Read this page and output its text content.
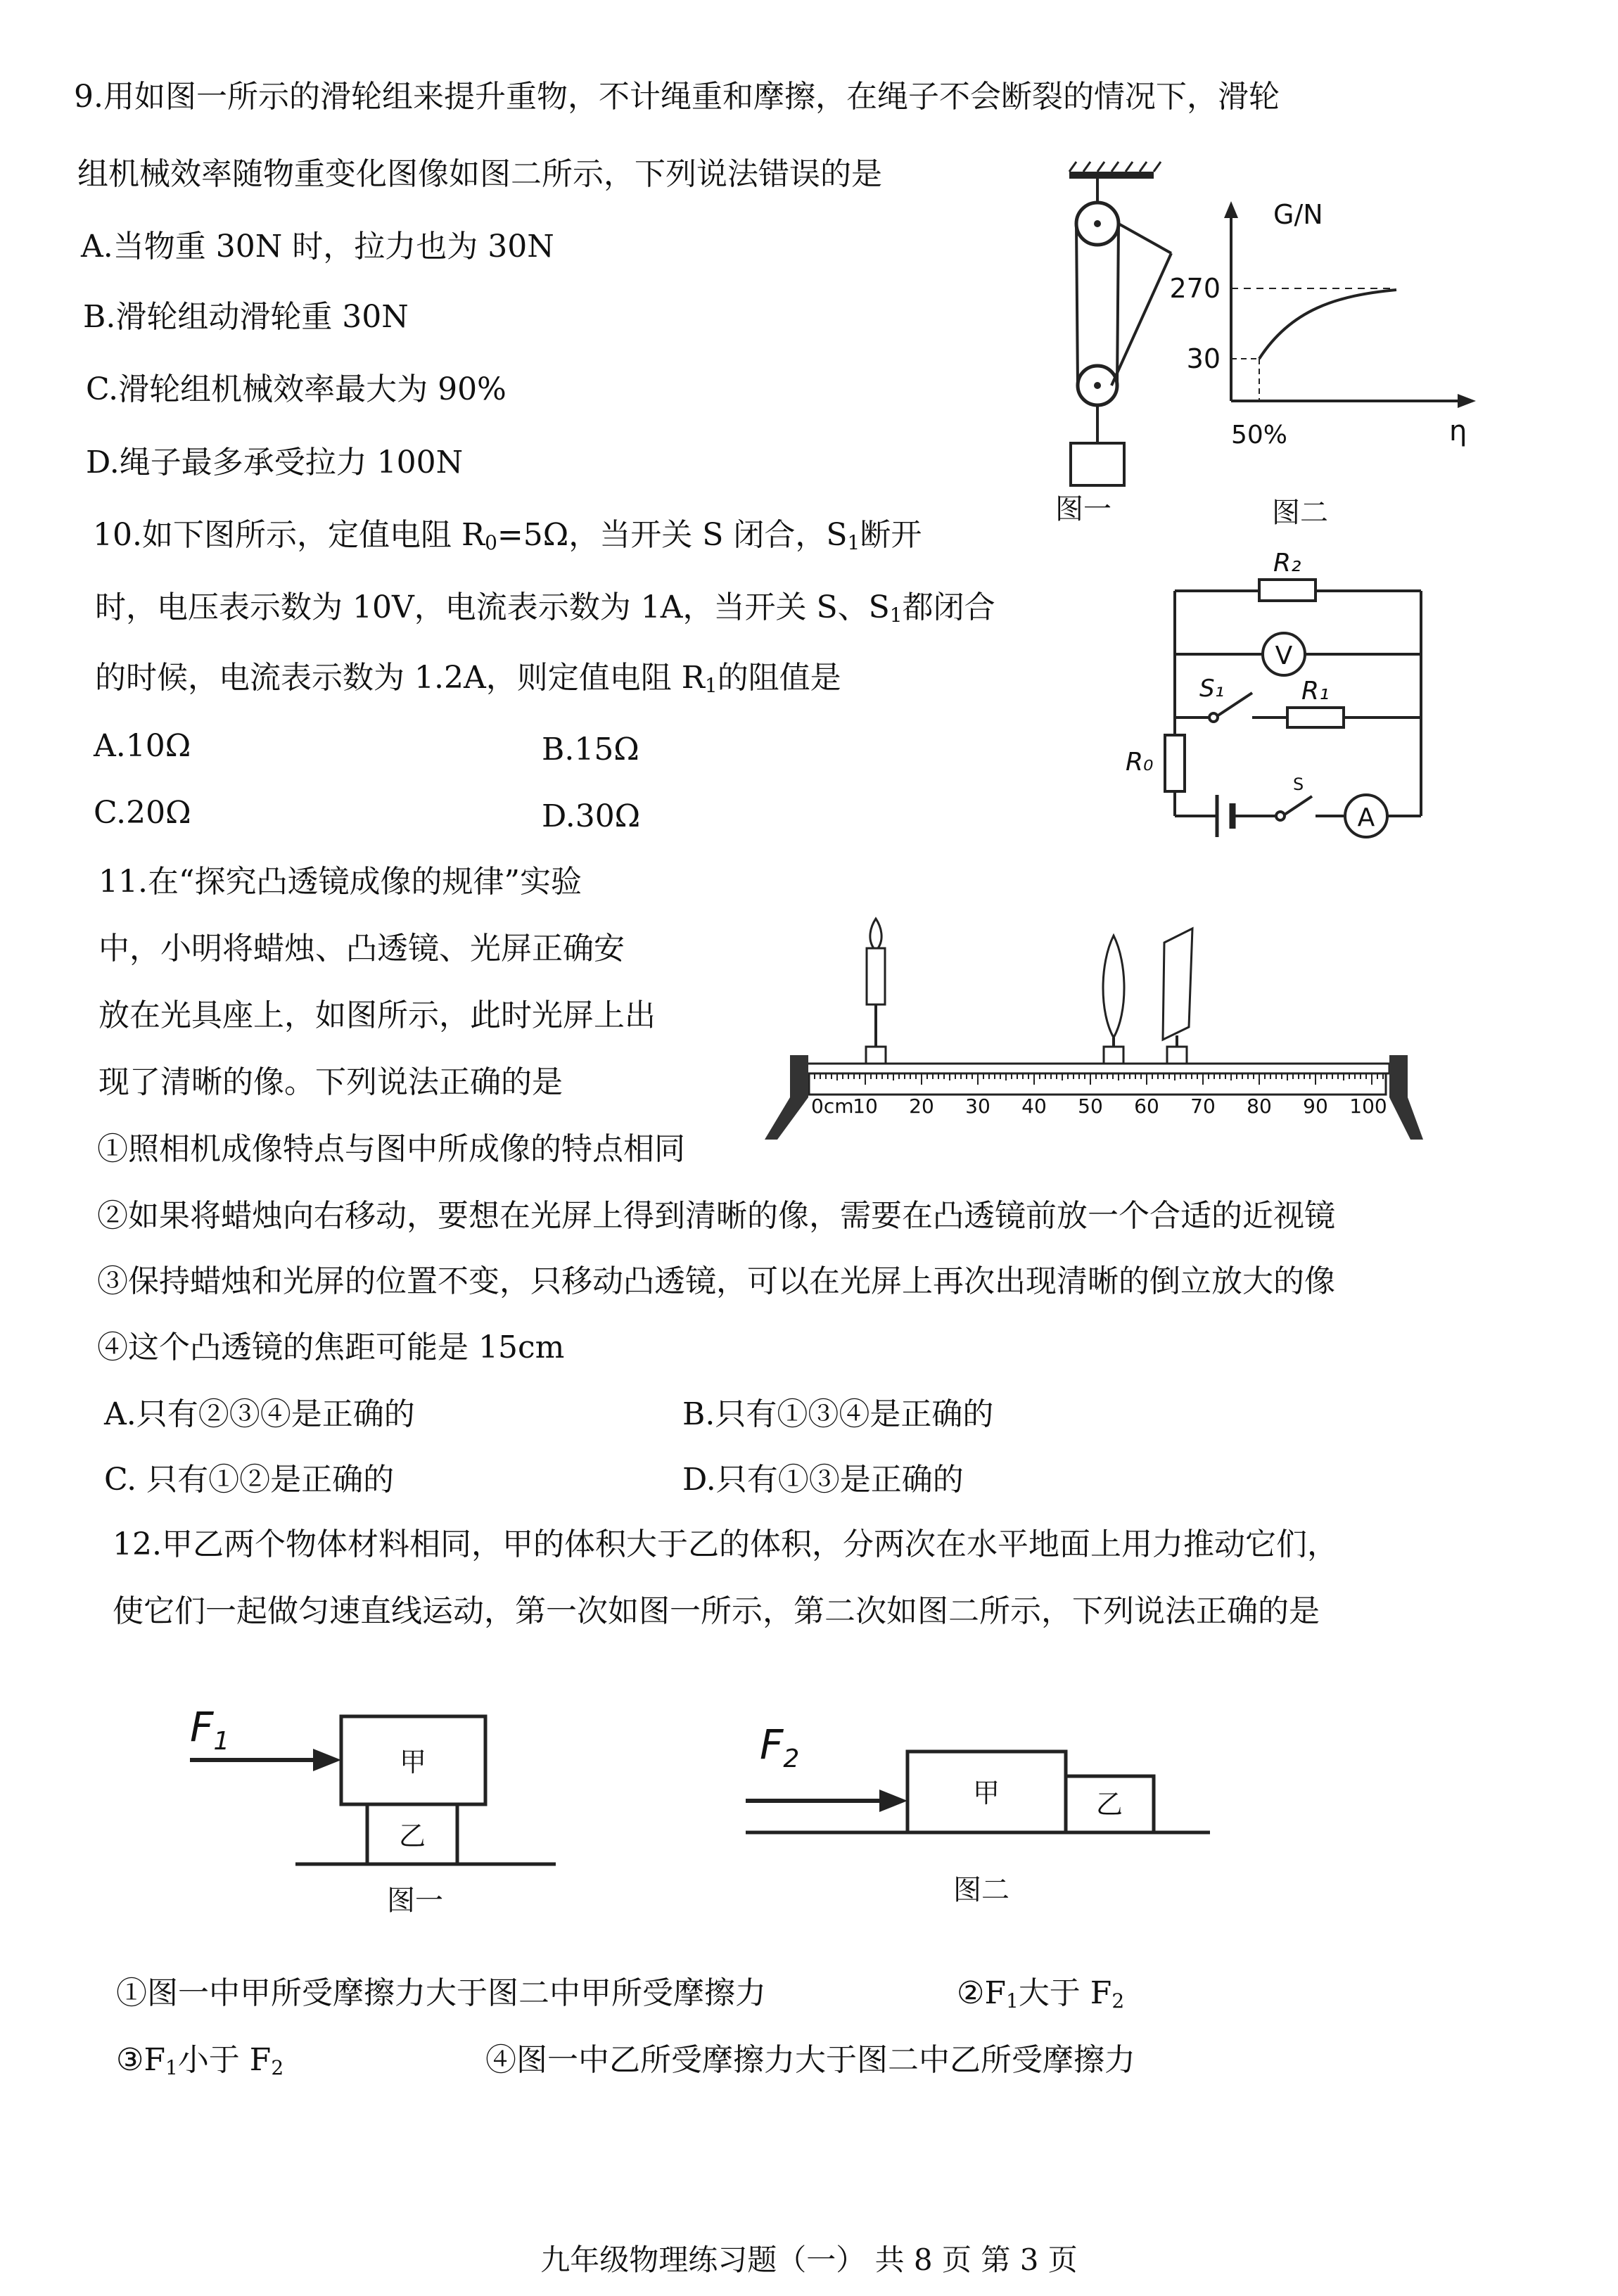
9.用如图一所示的滑轮组来提升重物，不计绳重和摩擦，在绳子不会断裂的情况下，滑轮
组机械效率随物重变化图像如图二所示，下列说法错误的是
A.当物重 30N 时，拉力也为 30N
B.滑轮组动滑轮重 30N
C.滑轮组机械效率最大为 90%
D.绳子最多承受拉力 100N
图一
G/N
η
270
30
50%
图二
10.如下图所示，定值电阻 R0=5Ω，当开关 S 闭合，S1断开
时，电压表示数为 10V，电流表示数为 1A，当开关 S、S1都闭合
的时候，电流表示数为 1.2A，则定值电阻 R1的阻值是
A.10Ω	B.15Ω
C.20Ω	D.30Ω
R₂
V
S₁	R₁
R₀
S
A
11.在“探究凸透镜成像的规律”实验
中，小明将蜡烛、凸透镜、光屏正确安
放在光具座上，如图所示，此时光屏上出
现了清晰的像。下列说法正确的是
0cm
10 20 30 40 50 60 70 80 90 100
①照相机成像特点与图中所成像的特点相同
②如果将蜡烛向右移动，要想在光屏上得到清晰的像，需要在凸透镜前放一个合适的近视镜
③保持蜡烛和光屏的位置不变，只移动凸透镜，可以在光屏上再次出现清晰的倒立放大的像
④这个凸透镜的焦距可能是 15cm
A.只有②③④是正确的	B.只有①③④是正确的
C. 只有①②是正确的	D.只有①③是正确的
12.甲乙两个物体材料相同，甲的体积大于乙的体积，分两次在水平地面上用力推动它们，
使它们一起做匀速直线运动，第一次如图一所示，第二次如图二所示，下列说法正确的是
$F_1$
甲
乙
图一
$F_2$
甲	乙
图二
①图一中甲所受摩擦力大于图二中甲所受摩擦力	②F1大于 F2
③F1小于 F2	④图一中乙所受摩擦力大于图二中乙所受摩擦力
九年级物理练习题（一） 共 8 页 第 3 页
